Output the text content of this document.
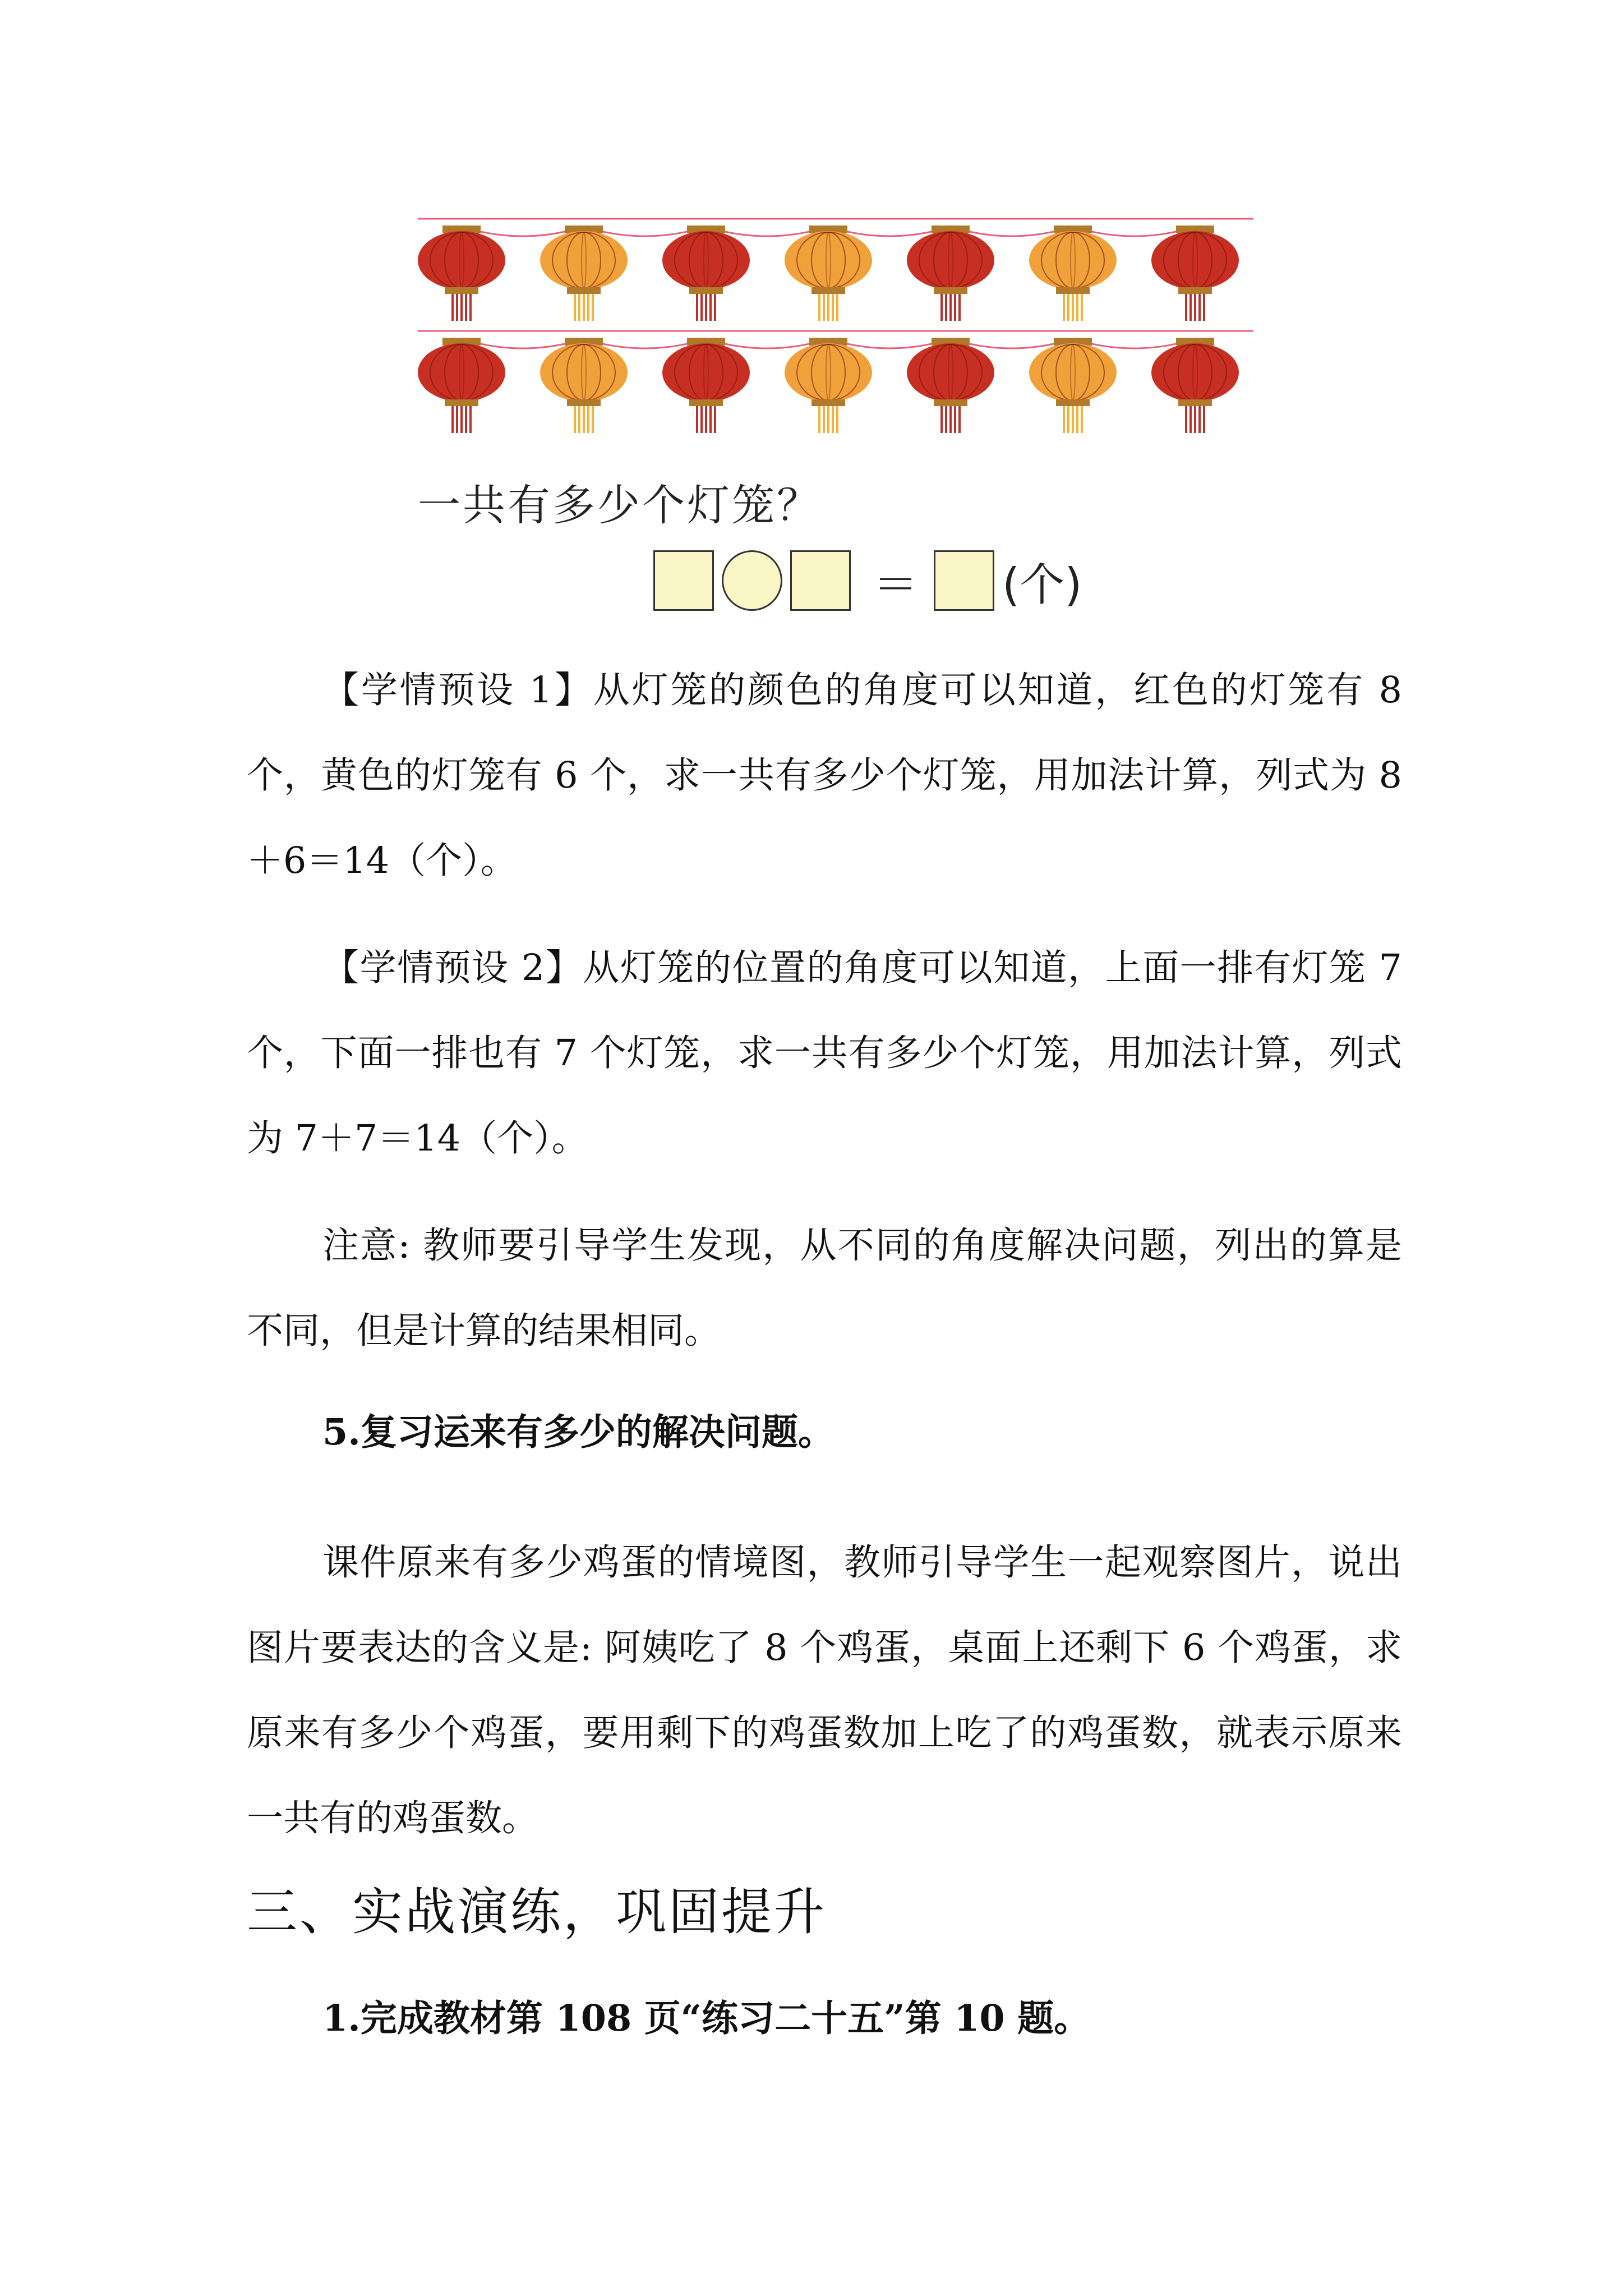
一共有多少个灯笼？
＝ (个)

【学情预设 1】从灯笼的颜色的角度可以知道，红色的灯笼有 8 个，黄色的灯笼有 6 个，求一共有多少个灯笼，用加法计算，列式为 8＋6＝14（个）。

【学情预设 2】从灯笼的位置的角度可以知道，上面一排有灯笼 7 个，下面一排也有 7 个灯笼，求一共有多少个灯笼，用加法计算，列式为 7＋7＝14（个）。

注意: 教师要引导学生发现，从不同的角度解决问题，列出的算是不同，但是计算的结果相同。

5.复习运来有多少的解决问题。

课件原来有多少鸡蛋的情境图，教师引导学生一起观察图片，说出图片要表达的含义是: 阿姨吃了 8 个鸡蛋，桌面上还剩下 6 个鸡蛋，求原来有多少个鸡蛋，要用剩下的鸡蛋数加上吃了的鸡蛋数，就表示原来一共有的鸡蛋数。

三、实战演练，巩固提升
1.完成教材第 108 页“练习二十五”第 10 题。
